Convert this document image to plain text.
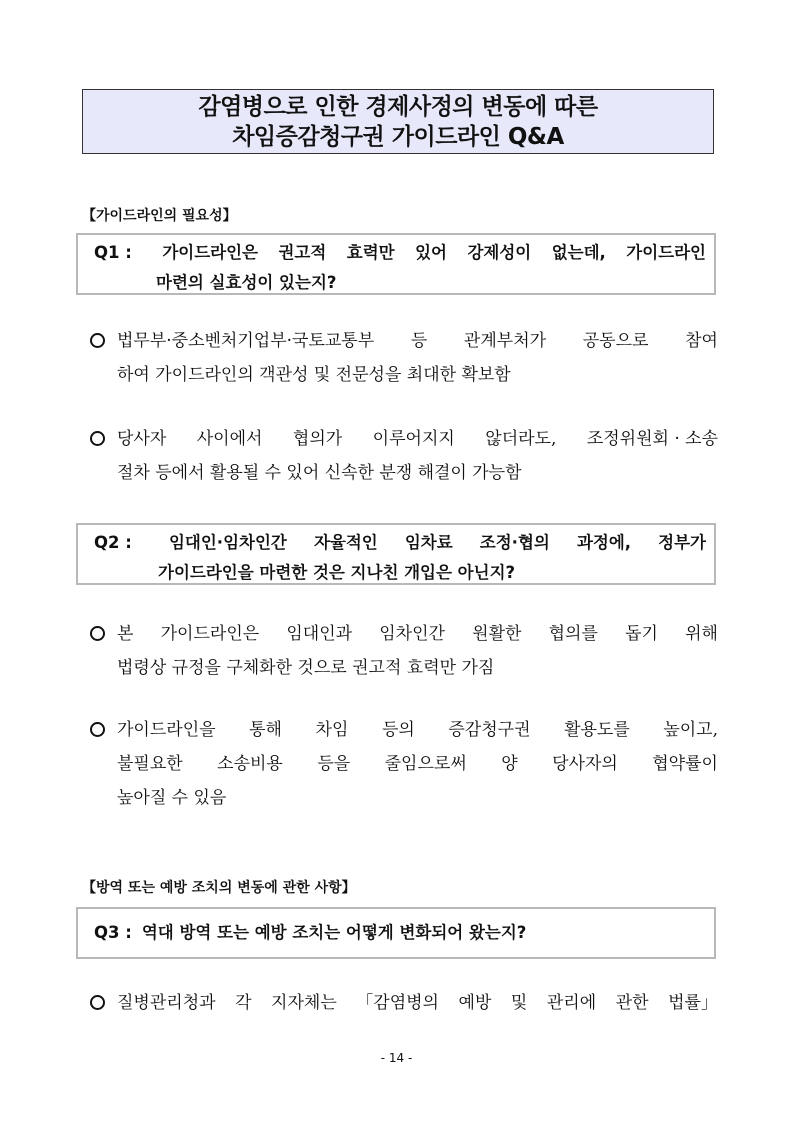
감염병으로 인한 경제사정의 변동에 따른
차임증감청구권 가이드라인 Q&A
【가이드라인의 필요성】
Q1 : 가이드라인은 권고적 효력만 있어 강제성이 없는데, 가이드라인
마련의 실효성이 있는지?
법무부·중소벤처기업부·국토교통부 등 관계부처가 공동으로 참여
하여 가이드라인의 객관성 및 전문성을 최대한 확보함
당사자 사이에서 협의가 이루어지지 않더라도, 조정위원회 · 소송
절차 등에서 활용될 수 있어 신속한 분쟁 해결이 가능함
Q2 : 임대인·임차인간 자율적인 임차료 조정·협의 과정에, 정부가
가이드라인을 마련한 것은 지나친 개입은 아닌지?
본 가이드라인은 임대인과 임차인간 원활한 협의를 돕기 위해
법령상 규정을 구체화한 것으로 권고적 효력만 가짐
가이드라인을 통해 차임 등의 증감청구권 활용도를 높이고,
불필요한 소송비용 등을 줄임으로써 양 당사자의 협약률이
높아질 수 있음
【방역 또는 예방 조치의 변동에 관한 사항】
Q3 : 역대 방역 또는 예방 조치는 어떻게 변화되어 왔는지?
질병관리청과 각 지자체는 「감염병의 예방 및 관리에 관한 법률」
- 14 -
